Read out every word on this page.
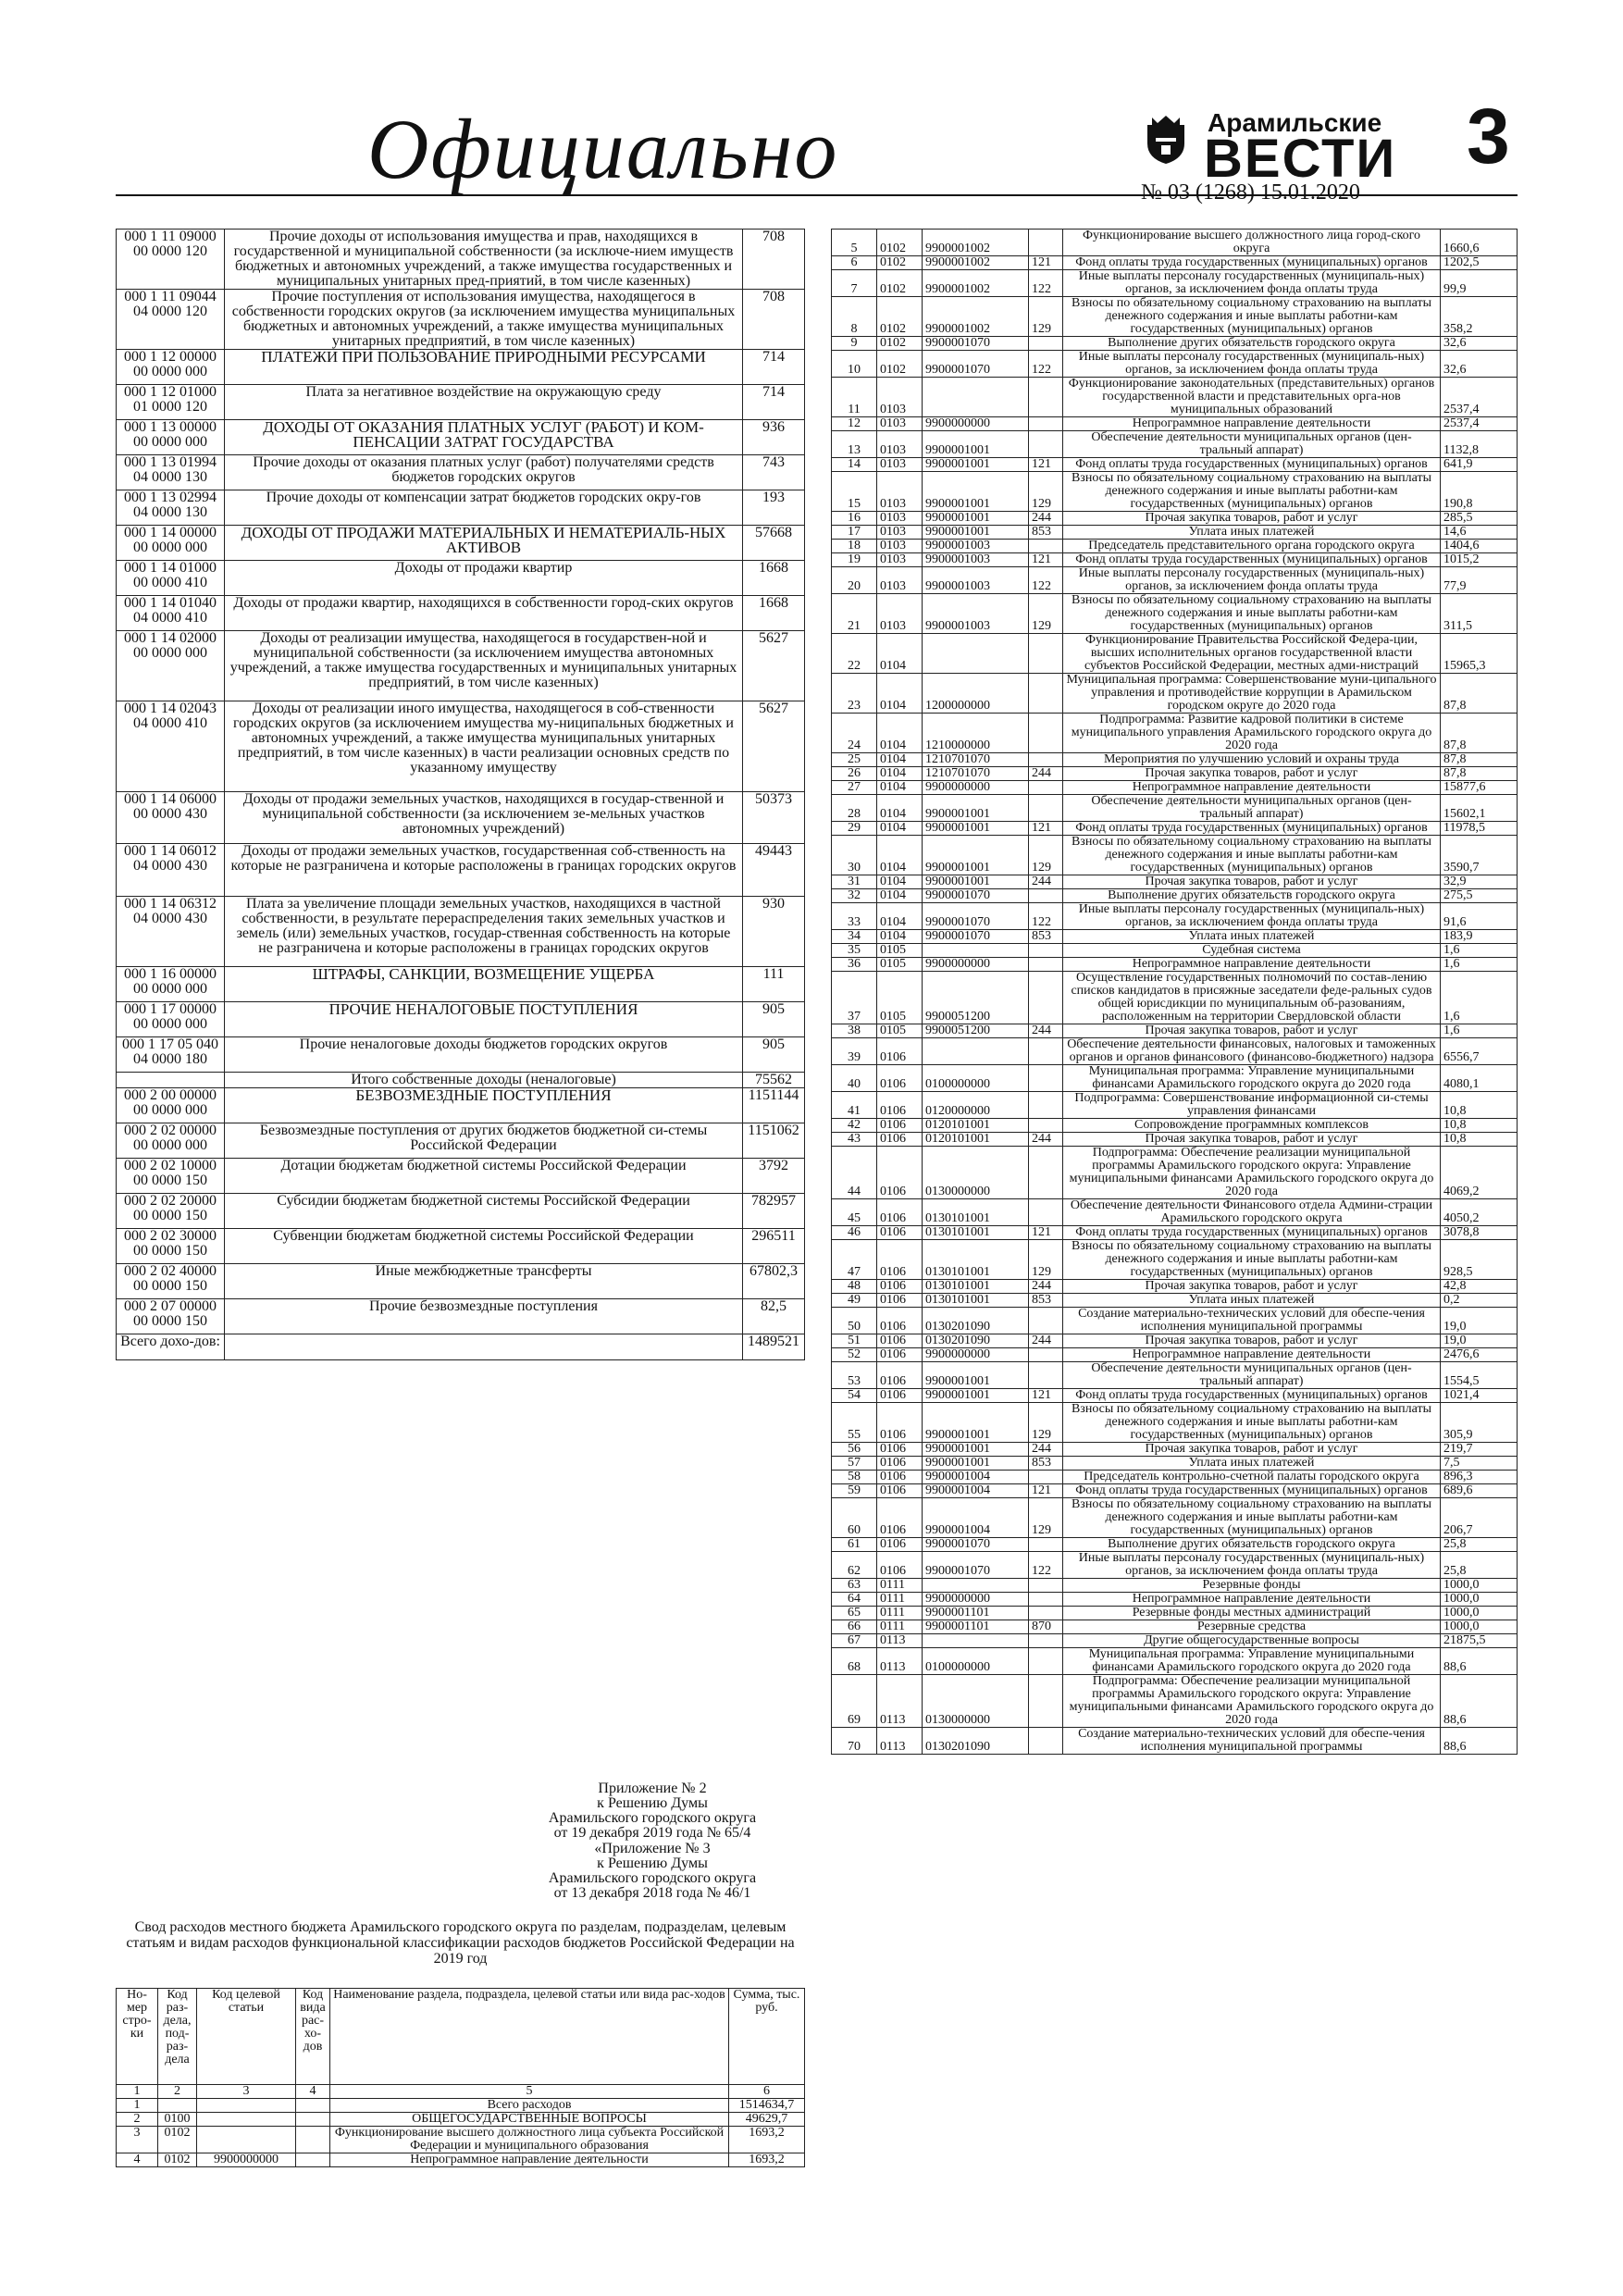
Официально	Арамильские
ВЕСТИ
№ 03 (1268) 15.01.2020
3
000 1 11 09000 00 0000 120	Прочие доходы от использования имущества и прав, находящихся в государственной и муниципальной собственности (за исключе-нием имуществ бюджетных и автономных учреждений, а также имущества государственных и муниципальных унитарных пред-приятий, в том числе казенных)	708
000 1 11 09044 04 0000 120	Прочие поступления от использования имущества, находящегося в собственности городских округов (за исключением имущества муниципальных бюджетных и автономных учреждений, а также имущества муниципальных унитарных предприятий, в том числе казенных)	708
000 1 12 00000 00 0000 000	ПЛАТЕЖИ ПРИ ПОЛЬЗОВАНИЕ ПРИРОДНЫМИ РЕСУРСАМИ	714
000 1 12 01000 01 0000 120	Плата за негативное воздействие на окружающую среду	714
000 1 13 00000 00 0000 000	ДОХОДЫ ОТ ОКАЗАНИЯ ПЛАТНЫХ УСЛУГ (РАБОТ) И КОМ-ПЕНСАЦИИ ЗАТРАТ ГОСУДАРСТВА	936
000 1 13 01994 04 0000 130	Прочие доходы от оказания платных услуг (работ) получателями средств бюджетов городских округов	743
000 1 13 02994 04 0000 130	Прочие доходы от компенсации затрат бюджетов городских окру-гов	193
000 1 14 00000 00 0000 000	ДОХОДЫ ОТ ПРОДАЖИ МАТЕРИАЛЬНЫХ И НЕМАТЕРИАЛЬ-НЫХ АКТИВОВ	57668
000 1 14 01000 00 0000 410	Доходы от продажи квартир	1668
000 1 14 01040 04 0000 410	Доходы от продажи квартир, находящихся в собственности город-ских округов	1668
000 1 14 02000 00 0000 000	Доходы от реализации имущества, находящегося в государствен-ной и муниципальной собственности (за исключением имущества автономных учреждений, а также имущества государственных и муниципальных унитарных предприятий, в том числе казенных)	5627
000 1 14 02043 04 0000 410	Доходы от реализации иного имущества, находящегося в соб-ственности городских округов (за исключением имущества му-ниципальных бюджетных и автономных учреждений, а также имущества муниципальных унитарных предприятий, в том числе казенных) в части реализации основных средств по указанному имуществу	5627
000 1 14 06000 00 0000 430	Доходы от продажи земельных участков, находящихся в государ-ственной и муниципальной собственности (за исключением зе-мельных участков автономных учреждений)	50373
000 1 14 06012 04 0000 430	Доходы от продажи земельных участков, государственная соб-ственность на которые не разграничена и которые расположены в границах городских округов	49443
000 1 14 06312 04 0000 430	Плата за увеличение площади земельных участков, находящихся в частной собственности, в результате перераспределения таких земельных участков и земель (или) земельных участков, государ-ственная собственность на которые не разграничена и которые расположены в границах городских округов	930
000 1 16 00000 00 0000 000	ШТРАФЫ, САНКЦИИ, ВОЗМЕЩЕНИЕ УЩЕРБА	111
000 1 17 00000 00 0000 000	ПРОЧИЕ НЕНАЛОГОВЫЕ ПОСТУПЛЕНИЯ	905
000 1 17 05 040 04 0000 180	Прочие неналоговые доходы бюджетов городских округов	905
	Итого собственные доходы (неналоговые)	75562
000 2 00 00000 00 0000 000	БЕЗВОЗМЕЗДНЫЕ ПОСТУПЛЕНИЯ	1151144
000 2 02 00000 00 0000 000	Безвозмездные поступления от других бюджетов бюджетной си-стемы Российской Федерации	1151062
000 2 02 10000 00 0000 150	Дотации бюджетам бюджетной системы Российской Федерации	3792
000 2 02 20000 00 0000 150	Субсидии бюджетам бюджетной системы Российской Федерации	782957
000 2 02 30000 00 0000 150	Субвенции бюджетам бюджетной системы Российской Федерации	296511
000 2 02 40000 00 0000 150	Иные межбюджетные трансферты	67802,3
000 2 07 00000 00 0000 150	Прочие безвозмездные поступления	82,5
Всего дохо-дов:		1489521
Приложение № 2
к Решению Думы
Арамильского городского округа
от 19 декабря 2019 года № 65/4
«Приложение № 3
к Решению Думы
Арамильского городского округа
от 13 декабря 2018 года № 46/1
Свод расходов местного бюджета Арамильского городского округа по разделам, подразделам, целевым статьям и видам расходов функциональной классификации расходов бюджетов Российской Федерации на 2019 год
Но-мер стро-ки	Код раз-дела, под-раз-дела	Код целевой статьи	Код вида рас-хо-дов	Наименование раздела, подраздела, целевой статьи или вида рас-ходов	Сумма, тыс. руб.
1	2	3	4	5	6
1				Всего расходов	1514634,7
2	0100			ОБЩЕГОСУДАРСТВЕННЫЕ ВОПРОСЫ	49629,7
3	0102			Функционирование высшего должностного лица субъекта Российской Федерации и муниципального образования	1693,2
4	0102	9900000000		Непрограммное направление деятельности	1693,2
5	0102	9900001002		Функционирование высшего должностного лица город-ского округа	1660,6
6	0102	9900001002	121	Фонд оплаты труда государственных (муниципальных) органов	1202,5
7	0102	9900001002	122	Иные выплаты персоналу государственных (муниципаль-ных) органов, за исключением фонда оплаты труда	99,9
8	0102	9900001002	129	Взносы по обязательному социальному страхованию на выплаты денежного содержания и иные выплаты работни-кам государственных (муниципальных) органов	358,2
9	0102	9900001070		Выполнение других обязательств городского округа	32,6
10	0102	9900001070	122	Иные выплаты персоналу государственных (муниципаль-ных) органов, за исключением фонда оплаты труда	32,6
11	0103			Функционирование законодательных (представительных) органов государственной власти и представительных орга-нов муниципальных образований	2537,4
12	0103	9900000000		Непрограммное направление деятельности	2537,4
13	0103	9900001001		Обеспечение деятельности муниципальных органов (цен-тральный аппарат)	1132,8
14	0103	9900001001	121	Фонд оплаты труда государственных (муниципальных) органов	641,9
15	0103	9900001001	129	Взносы по обязательному социальному страхованию на выплаты денежного содержания и иные выплаты работни-кам государственных (муниципальных) органов	190,8
16	0103	9900001001	244	Прочая закупка товаров, работ и услуг	285,5
17	0103	9900001001	853	Уплата иных платежей	14,6
18	0103	9900001003		Председатель представительного органа городского округа	1404,6
19	0103	9900001003	121	Фонд оплаты труда государственных (муниципальных) органов	1015,2
20	0103	9900001003	122	Иные выплаты персоналу государственных (муниципаль-ных) органов, за исключением фонда оплаты труда	77,9
21	0103	9900001003	129	Взносы по обязательному социальному страхованию на выплаты денежного содержания и иные выплаты работни-кам государственных (муниципальных) органов	311,5
22	0104			Функционирование Правительства Российской Федера-ции, высших исполнительных органов государственной власти субъектов Российской Федерации, местных адми-нистраций	15965,3
23	0104	1200000000		Муниципальная программа: Совершенствование муни-ципального управления и противодействие коррупции в Арамильском городском округе до 2020 года	87,8
24	0104	1210000000		Подпрограмма: Развитие кадровой политики в системе муниципального управления Арамильского городского округа до 2020 года	87,8
25	0104	1210701070		Мероприятия по улучшению условий и охраны труда	87,8
26	0104	1210701070	244	Прочая закупка товаров, работ и услуг	87,8
27	0104	9900000000		Непрограммное направление деятельности	15877,6
28	0104	9900001001		Обеспечение деятельности муниципальных органов (цен-тральный аппарат)	15602,1
29	0104	9900001001	121	Фонд оплаты труда государственных (муниципальных) органов	11978,5
30	0104	9900001001	129	Взносы по обязательному социальному страхованию на выплаты денежного содержания и иные выплаты работни-кам государственных (муниципальных) органов	3590,7
31	0104	9900001001	244	Прочая закупка товаров, работ и услуг	32,9
32	0104	9900001070		Выполнение других обязательств городского округа	275,5
33	0104	9900001070	122	Иные выплаты персоналу государственных (муниципаль-ных) органов, за исключением фонда оплаты труда	91,6
34	0104	9900001070	853	Уплата иных платежей	183,9
35	0105			Судебная система	1,6
36	0105	9900000000		Непрограммное направление деятельности	1,6
37	0105	9900051200		Осуществление государственных полномочий по состав-лению списков кандидатов в присяжные заседатели феде-ральных судов общей юрисдикции по муниципальным об-разованиям, расположенным на территории Свердловской области	1,6
38	0105	9900051200	244	Прочая закупка товаров, работ и услуг	1,6
39	0106			Обеспечение деятельности финансовых, налоговых и таможенных органов и органов финансового (финансово-бюджетного) надзора	6556,7
40	0106	0100000000		Муниципальная программа: Управление муниципальными финансами Арамильского городского округа до 2020 года	4080,1
41	0106	0120000000		Подпрограмма: Совершенствование информационной си-стемы управления финансами	10,8
42	0106	0120101001		Сопровождение программных комплексов	10,8
43	0106	0120101001	244	Прочая закупка товаров, работ и услуг	10,8
44	0106	0130000000		Подпрограмма: Обеспечение реализации муниципальной программы Арамильского городского округа: Управление муниципальными финансами Арамильского городского округа до 2020 года	4069,2
45	0106	0130101001		Обеспечение деятельности Финансового отдела Админи-страции Арамильского городского округа	4050,2
46	0106	0130101001	121	Фонд оплаты труда государственных (муниципальных) органов	3078,8
47	0106	0130101001	129	Взносы по обязательному социальному страхованию на выплаты денежного содержания и иные выплаты работни-кам государственных (муниципальных) органов	928,5
48	0106	0130101001	244	Прочая закупка товаров, работ и услуг	42,8
49	0106	0130101001	853	Уплата иных платежей	0,2
50	0106	0130201090		Создание материально-технических условий для обеспе-чения исполнения муниципальной программы	19,0
51	0106	0130201090	244	Прочая закупка товаров, работ и услуг	19,0
52	0106	9900000000		Непрограммное направление деятельности	2476,6
53	0106	9900001001		Обеспечение деятельности муниципальных органов (цен-тральный аппарат)	1554,5
54	0106	9900001001	121	Фонд оплаты труда государственных (муниципальных) органов	1021,4
55	0106	9900001001	129	Взносы по обязательному социальному страхованию на выплаты денежного содержания и иные выплаты работни-кам государственных (муниципальных) органов	305,9
56	0106	9900001001	244	Прочая закупка товаров, работ и услуг	219,7
57	0106	9900001001	853	Уплата иных платежей	7,5
58	0106	9900001004		Председатель контрольно-счетной палаты городского округа	896,3
59	0106	9900001004	121	Фонд оплаты труда государственных (муниципальных) органов	689,6
60	0106	9900001004	129	Взносы по обязательному социальному страхованию на выплаты денежного содержания и иные выплаты работни-кам государственных (муниципальных) органов	206,7
61	0106	9900001070		Выполнение других обязательств городского округа	25,8
62	0106	9900001070	122	Иные выплаты персоналу государственных (муниципаль-ных) органов, за исключением фонда оплаты труда	25,8
63	0111			Резервные фонды	1000,0
64	0111	9900000000		Непрограммное направление деятельности	1000,0
65	0111	9900001101		Резервные фонды местных администраций	1000,0
66	0111	9900001101	870	Резервные средства	1000,0
67	0113			Другие общегосударственные вопросы	21875,5
68	0113	0100000000		Муниципальная программа: Управление муниципальными финансами Арамильского городского округа до 2020 года	88,6
69	0113	0130000000		Подпрограмма: Обеспечение реализации муниципальной программы Арамильского городского округа: Управление муниципальными финансами Арамильского городского округа до 2020 года	88,6
70	0113	0130201090		Создание материально-технических условий для обеспе-чения исполнения муниципальной программы	88,6
